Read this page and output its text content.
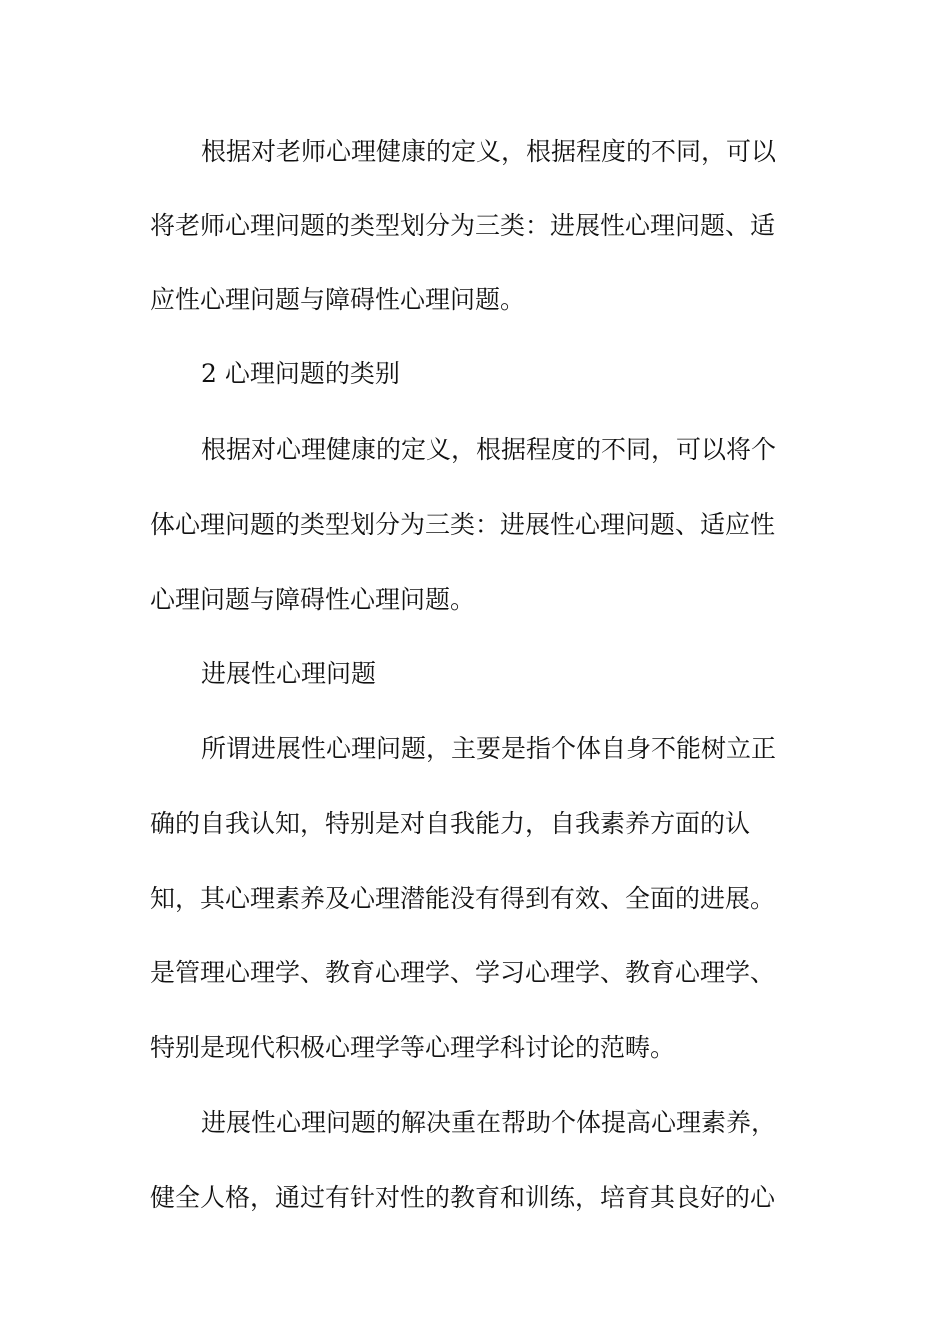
根据对老师心理健康的定义，根据程度的不同，可以
将老师心理问题的类型划分为三类：进展性心理问题、适
应性心理问题与障碍性心理问题。
2 心理问题的类别
根据对心理健康的定义，根据程度的不同，可以将个
体心理问题的类型划分为三类：进展性心理问题、适应性
心理问题与障碍性心理问题。
进展性心理问题
所谓进展性心理问题，主要是指个体自身不能树立正
确的自我认知，特别是对自我能力，自我素养方面的认
知，其心理素养及心理潜能没有得到有效、全面的进展。
是管理心理学、教育心理学、学习心理学、教育心理学、
特别是现代积极心理学等心理学科讨论的范畴。
进展性心理问题的解决重在帮助个体提高心理素养，
健全人格，通过有针对性的教育和训练，培育其良好的心
